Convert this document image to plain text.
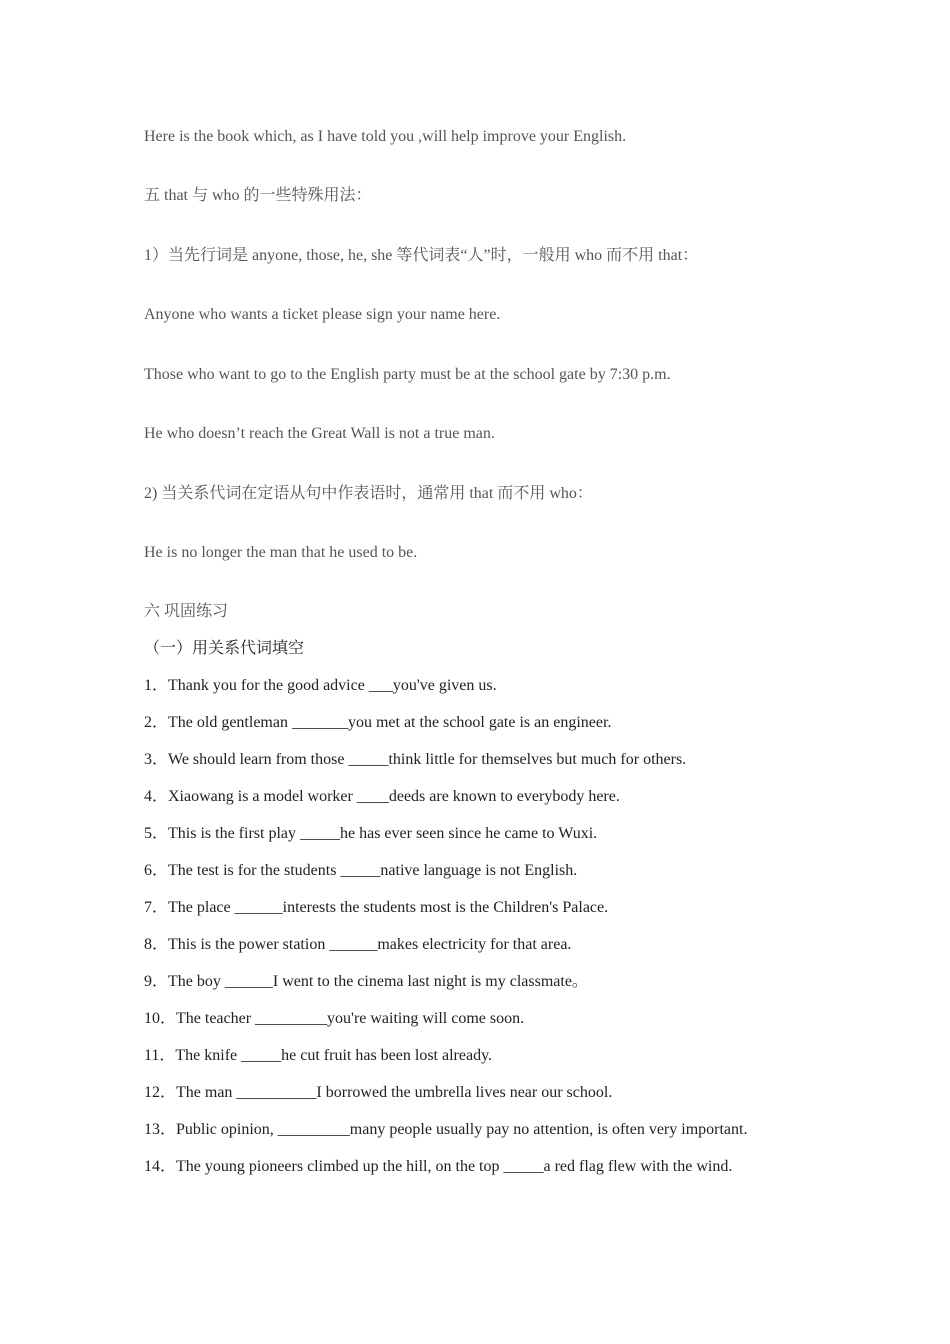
Here is the book which, as I have told you ,will help improve your English.
五 that 与 who 的一些特殊用法：
1）当先行词是 anyone, those, he, she 等代词表“人”时，一般用 who 而不用 that：
Anyone who wants a ticket please sign your name here.
Those who want to go to the English party must be at the school gate by 7:30 p.m.
He who doesn’t reach the Great Wall is not a true man.
2) 当关系代词在定语从句中作表语时，通常用 that 而不用 who：
He is no longer the man that he used to be.
六 巩固练习
（一）用关系代词填空
1．Thank you for the good advice ___you've given us.
2．The old gentleman _______you met at the school gate is an engineer.
3．We should learn from those _____think little for themselves but much for others.
4．Xiaowang is a model worker ____deeds are known to everybody here.
5．This is the first play _____he has ever seen since he came to Wuxi.
6．The test is for the students _____native language is not English.
7．The place ______interests the students most is the Children's Palace.
8．This is the power station ______makes electricity for that area.
9．The boy ______I went to the cinema last night is my classmate。
10．The teacher _________you're waiting will come soon.
11．The knife _____he cut fruit has been lost already.
12．The man __________I borrowed the umbrella lives near our school.
13．Public opinion, _________many people usually pay no attention, is often very important.
14．The young pioneers climbed up the hill, on the top _____a red flag flew with the wind.
